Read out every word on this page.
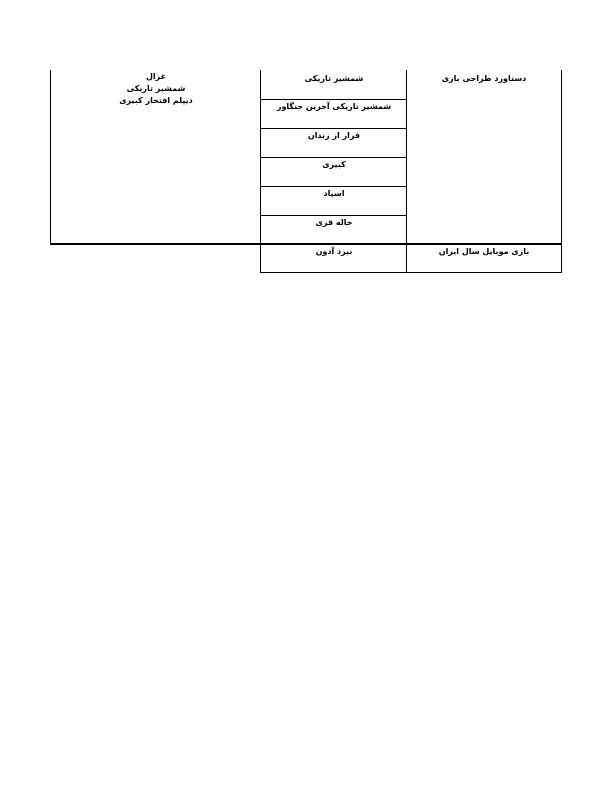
دستاورد طراحی بازی
شمشیر تاریکی
شمشیر تاریکی آخرین جنگاور
فرار از زندان
کبیری
اسپاد
خاله قزی
غزال
شمشیر تاریکی
دیپلم افتخار کبیری
بازی موبایل سال ایران
نبرد آدون
